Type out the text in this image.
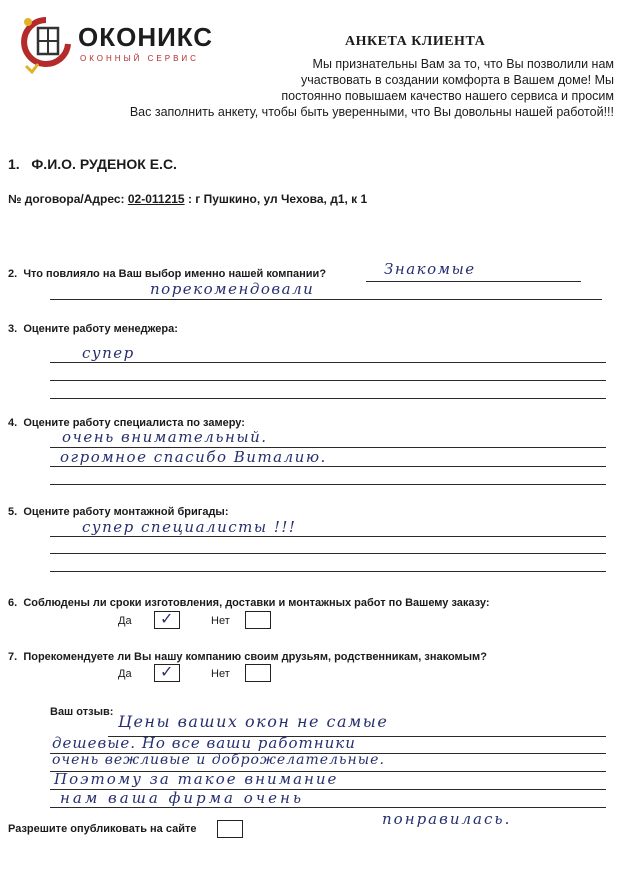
ОКОНИКС
ОКОННЫЙ СЕРВИС
АНКЕТА КЛИЕНТА
Мы признательны Вам за то, что Вы позволили нам
участвовать в создании комфорта в Вашем доме! Мы
постоянно повышаем качество нашего сервиса и просим
Вас заполнить анкету, чтобы быть уверенными, что Вы довольны нашей работой!!!
1. Ф.И.О. РУДЕНОК Е.С.
№ договора/Адрес: 02-011215 : г Пушкино, ул Чехова, д1, к 1
2. Что повлияло на Ваш выбор именно нашей компании?	Знакомые
порекомендовали
3. Оцените работу менеджера:
супер
4. Оцените работу специалиста по замеру:
очень внимательный.
огромное спасибо Виталию.
5. Оцените работу монтажной бригады:
супер специалисты !!!
6. Соблюдены ли сроки изготовления, доставки и монтажных работ по Вашему заказу:
Да ✓	Нет
7. Порекомендуете ли Вы нашу компанию своим друзьям, родственникам, знакомым?
Да ✓	Нет
Ваш отзыв: Цены ваших окон не самые
дешевые. Но все ваши работники
очень вежливые и доброжелательные.
Поэтому за такое внимание
нам ваша фирма очень
понравилась.
Разрешите опубликовать на сайте
